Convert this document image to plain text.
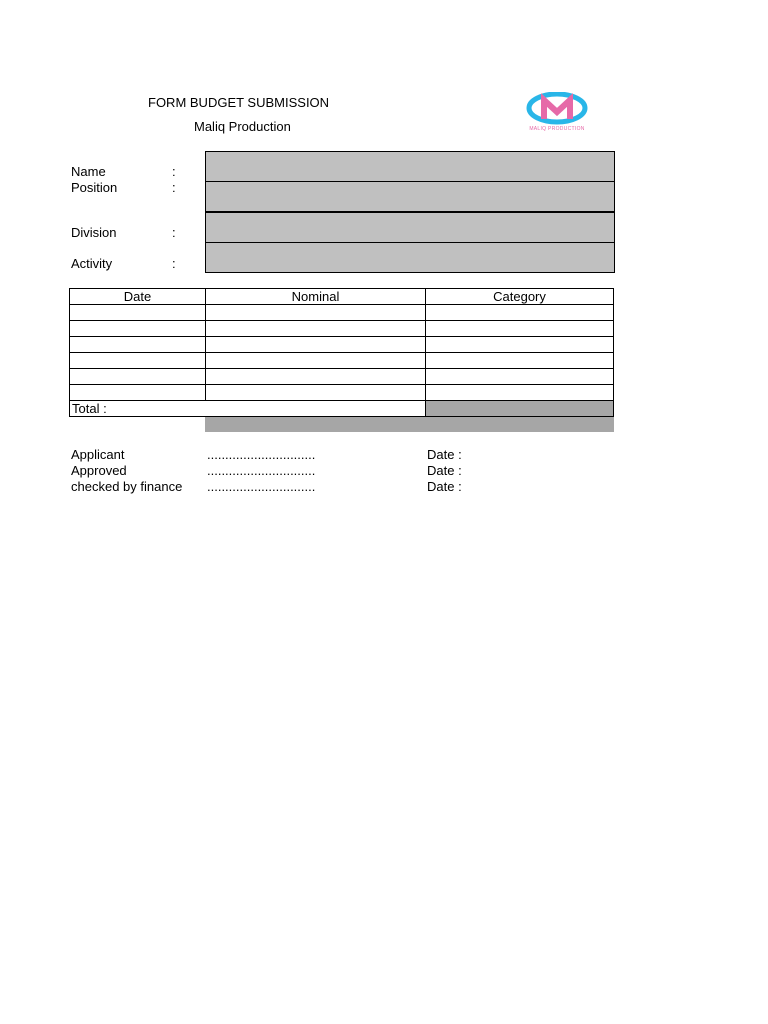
FORM BUDGET SUBMISSION
Maliq Production	MALIQ PRODUCTION
Name	:
Position	:
Division	:
Activity	:
Date	Nominal	Category

Total :		
Applicant	..............................	Date :
Approved	..............................	Date :
checked by finance ..............................	Date :
